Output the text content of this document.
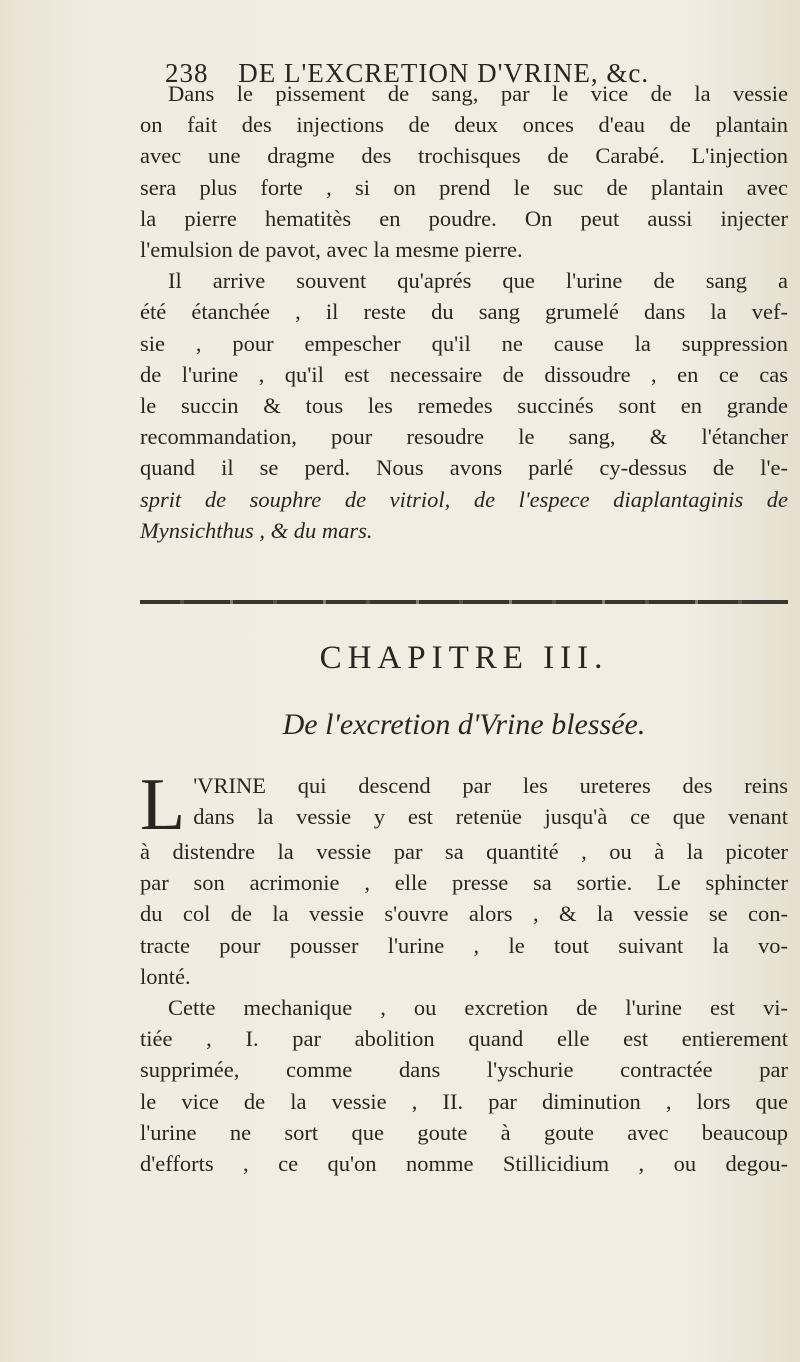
238 DE L'EXCRETION D'VRINE, &c.

Dans le pissement de sang, par le vice de la vessie
on fait des injections de deux onces d'eau de plantain
avec une dragme des trochisques de Carabé. L'injection
sera plus forte , si on prend le suc de plantain avec
la pierre hematitès en poudre. On peut aussi injecter
l'emulsion de pavot, avec la mesme pierre.

Il arrive souvent qu'aprés que l'urine de sang a
été étanchée , il reste du sang grumelé dans la vef-
sie , pour empescher qu'il ne cause la suppression
de l'urine , qu'il est necessaire de dissoudre , en ce cas
le succin & tous les remedes succinés sont en grande
recommandation, pour resoudre le sang, & l'étancher
quand il se perd. Nous avons parlé cy-dessus de l'e-
sprit de souphre de vitriol, de l'espece diaplantaginis de
Mynsichthus , & du mars.

CHAPITRE III.
De l'excretion d'Vrine blessée.

L 'VRINE qui descend par les ureteres des reins
dans la vessie y est retenüe jusqu'à ce que venant
à distendre la vessie par sa quantité , ou à la picoter
par son acrimonie , elle presse sa sortie. Le sphincter
du col de la vessie s'ouvre alors , & la vessie se con-
tracte pour pousser l'urine , le tout suivant la vo-
lonté.

Cette mechanique , ou excretion de l'urine est vi-
tiée , I. par abolition quand elle est entierement
supprimée, comme dans l'yschurie contractée par
le vice de la vessie , II. par diminution , lors que
l'urine ne sort que goute à goute avec beaucoup
d'efforts , ce qu'on nomme Stillicidium , ou degou-
